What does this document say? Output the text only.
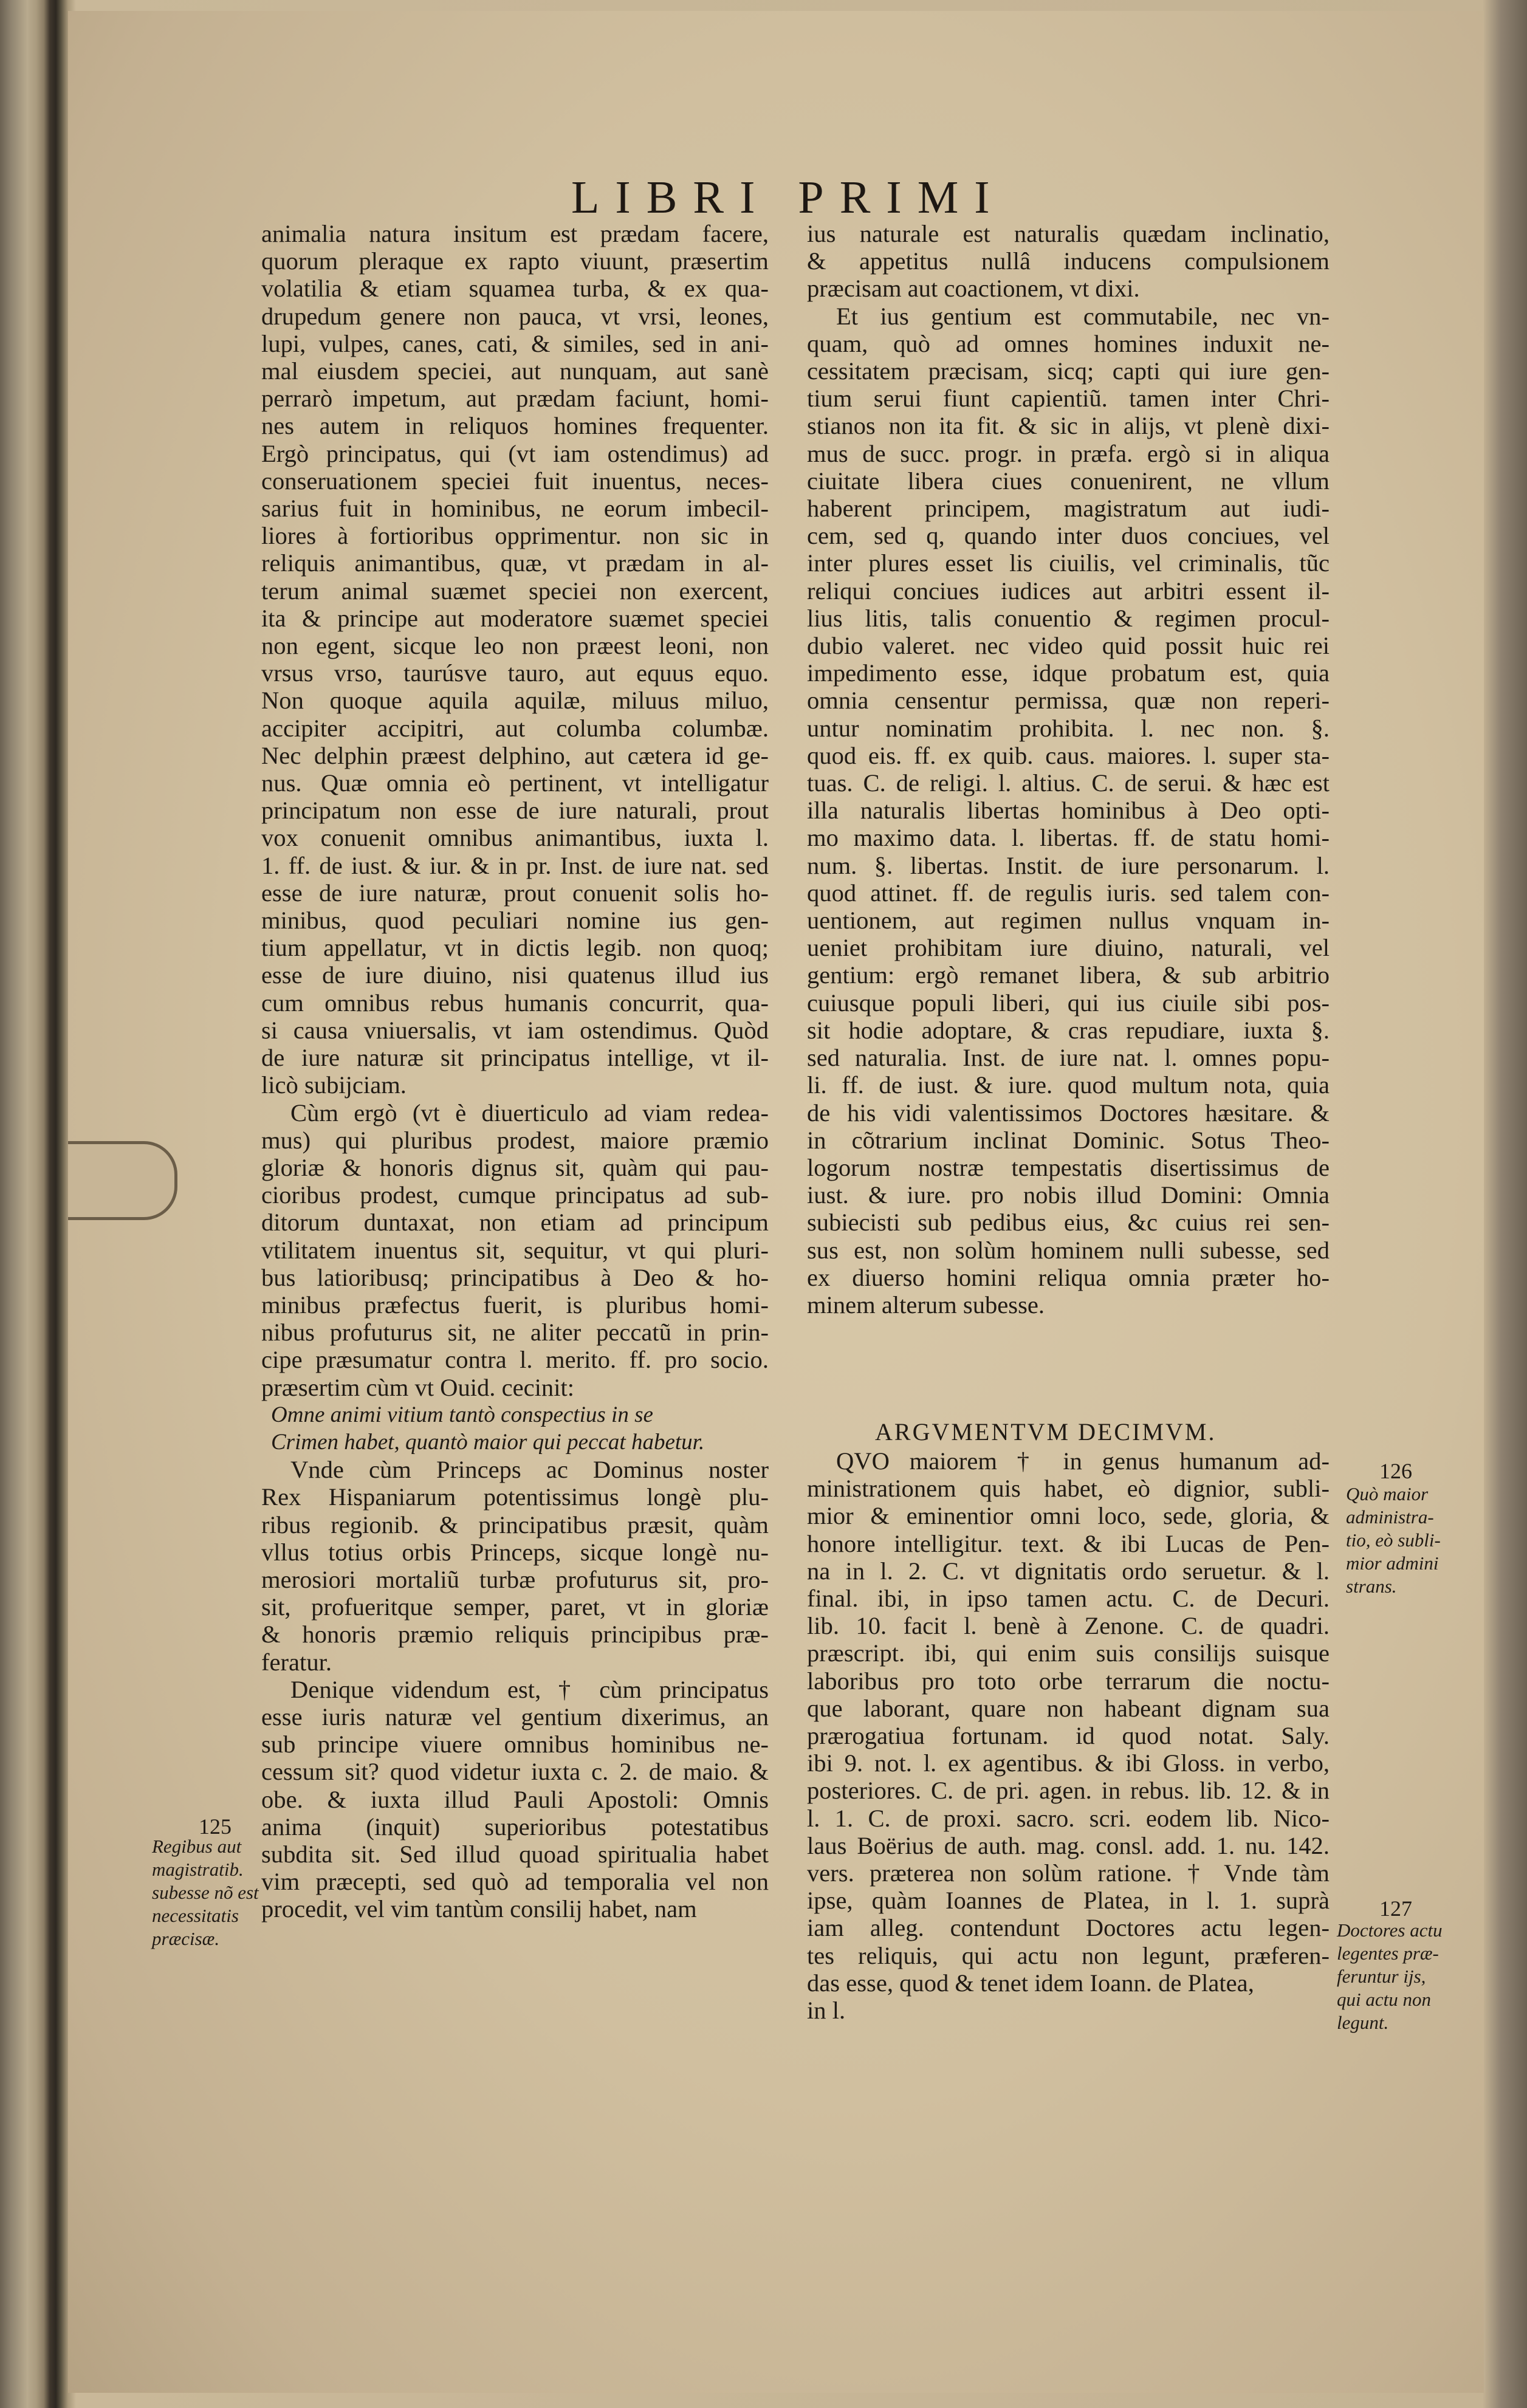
LIBRI PRIMI
animalia natura insitum est prædam facere,
quorum pleraque ex rapto viuunt, præsertim
volatilia & etiam squamea turba, & ex qua-
drupedum genere non pauca, vt vrsi, leones,
lupi, vulpes, canes, cati, & similes, sed in ani-
mal eiusdem speciei, aut nunquam, aut sanè
perrarò impetum, aut prædam faciunt, homi-
nes autem in reliquos homines frequenter.
Ergò principatus, qui (vt iam ostendimus) ad
conseruationem speciei fuit inuentus, neces-
sarius fuit in hominibus, ne eorum imbecil-
liores à fortioribus opprimentur. non sic in
reliquis animantibus, quæ, vt prædam in al-
terum animal suæmet speciei non exercent,
ita & principe aut moderatore suæmet speciei
non egent, sicque leo non præest leoni, non
vrsus vrso, taurúsve tauro, aut equus equo.
Non quoque aquila aquilæ, miluus miluo,
accipiter accipitri, aut columba columbæ.
Nec delphin præest delphino, aut cætera id ge-
nus. Quæ omnia eò pertinent, vt intelligatur
principatum non esse de iure naturali, prout
vox conuenit omnibus animantibus, iuxta l.
1. ff. de iust. & iur. & in pr. Inst. de iure nat. sed
esse de iure naturæ, prout conuenit solis ho-
minibus, quod peculiari nomine ius gen-
tium appellatur, vt in dictis legib. non quoq;
esse de iure diuino, nisi quatenus illud ius
cum omnibus rebus humanis concurrit, qua-
si causa vniuersalis, vt iam ostendimus. Quòd
de iure naturæ sit principatus intellige, vt il-
licò subijciam.
Cùm ergò (vt è diuerticulo ad viam redea-
mus) qui pluribus prodest, maiore præmio
gloriæ & honoris dignus sit, quàm qui pau-
cioribus prodest, cumque principatus ad sub-
ditorum duntaxat, non etiam ad principum
vtilitatem inuentus sit, sequitur, vt qui pluri-
bus latioribusq; principatibus à Deo & ho-
minibus præfectus fuerit, is pluribus homi-
nibus profuturus sit, ne aliter peccatũ in prin-
cipe præsumatur contra l. merito. ff. pro socio.
præsertim cùm vt Ouid. cecinit:
Omne animi vitium tantò conspectius in se
Crimen habet, quantò maior qui peccat habetur.
Vnde cùm Princeps ac Dominus noster
Rex Hispaniarum potentissimus longè plu-
ribus regionib. & principatibus præsit, quàm
vllus totius orbis Princeps, sicque longè nu-
merosiori mortaliũ turbæ profuturus sit, pro-
sit, profueritque semper, paret, vt in gloriæ
& honoris præmio reliquis principibus præ-
feratur.
Denique videndum est, † cùm principatus
esse iuris naturæ vel gentium dixerimus, an
sub principe viuere omnibus hominibus ne-
cessum sit? quod videtur iuxta c. 2. de maio. &
obe. & iuxta illud Pauli Apostoli: Omnis
anima (inquit) superioribus potestatibus
subdita sit. Sed illud quoad spiritualia habet
vim præcepti, sed quò ad temporalia vel non
procedit, vel vim tantùm consilij habet, nam
ius naturale est naturalis quædam inclinatio,
& appetitus nullâ inducens compulsionem
præcisam aut coactionem, vt dixi.
Et ius gentium est commutabile, nec vn-
quam, quò ad omnes homines induxit ne-
cessitatem præcisam, sicq; capti qui iure gen-
tium serui fiunt capientiũ. tamen inter Chri-
stianos non ita fit. & sic in alijs, vt plenè dixi-
mus de succ. progr. in præfa. ergò si in aliqua
ciuitate libera ciues conuenirent, ne vllum
haberent principem, magistratum aut iudi-
cem, sed q, quando inter duos conciues, vel
inter plures esset lis ciuilis, vel criminalis, tũc
reliqui conciues iudices aut arbitri essent il-
lius litis, talis conuentio & regimen procul-
dubio valeret. nec video quid possit huic rei
impedimento esse, idque probatum est, quia
omnia censentur permissa, quæ non reperi-
untur nominatim prohibita. l. nec non. §.
quod eis. ff. ex quib. caus. maiores. l. super sta-
tuas. C. de religi. l. altius. C. de serui. & hæc est
illa naturalis libertas hominibus à Deo opti-
mo maximo data. l. libertas. ff. de statu homi-
num. §. libertas. Instit. de iure personarum. l.
quod attinet. ff. de regulis iuris. sed talem con-
uentionem, aut regimen nullus vnquam in-
ueniet prohibitam iure diuino, naturali, vel
gentium: ergò remanet libera, & sub arbitrio
cuiusque populi liberi, qui ius ciuile sibi pos-
sit hodie adoptare, & cras repudiare, iuxta §.
sed naturalia. Inst. de iure nat. l. omnes popu-
li. ff. de iust. & iure. quod multum nota, quia
de his vidi valentissimos Doctores hæsitare. &
in cõtrarium inclinat Dominic. Sotus Theo-
logorum nostræ tempestatis disertissimus de
iust. & iure. pro nobis illud Domini: Omnia
subiecisti sub pedibus eius, &c cuius rei sen-
sus est, non solùm hominem nulli subesse, sed
ex diuerso homini reliqua omnia præter ho-
minem alterum subesse.
ARGVMENTVM DECIMVM.
QVO maiorem † in genus humanum ad-
ministrationem quis habet, eò dignior, subli-
mior & eminentior omni loco, sede, gloria, &
honore intelligitur. text. & ibi Lucas de Pen-
na in l. 2. C. vt dignitatis ordo seruetur. & l.
final. ibi, in ipso tamen actu. C. de Decuri.
lib. 10. facit l. benè à Zenone. C. de quadri.
præscript. ibi, qui enim suis consilijs suisque
laboribus pro toto orbe terrarum die noctu-
que laborant, quare non habeant dignam sua
prærogatiua fortunam. id quod notat. Saly.
ibi 9. not. l. ex agentibus. & ibi Gloss. in verbo,
posteriores. C. de pri. agen. in rebus. lib. 12. & in
l. 1. C. de proxi. sacro. scri. eodem lib. Nico-
laus Boërius de auth. mag. consl. add. 1. nu. 142.
vers. præterea non solùm ratione. † Vnde tàm
ipse, quàm Ioannes de Platea, in l. 1. suprà
iam alleg. contendunt Doctores actu legen-
tes reliquis, qui actu non legunt, præferen-
das esse, quod & tenet idem Ioann. de Platea,
in l.
125
Regibus aut
magistratib.
subesse nõ est
necessitatis
præcisæ.
126
Quò maior
administra-
tio, eò subli-
mior admini
strans.
127
Doctores actu
legentes præ-
feruntur ijs,
qui actu non
legunt.
